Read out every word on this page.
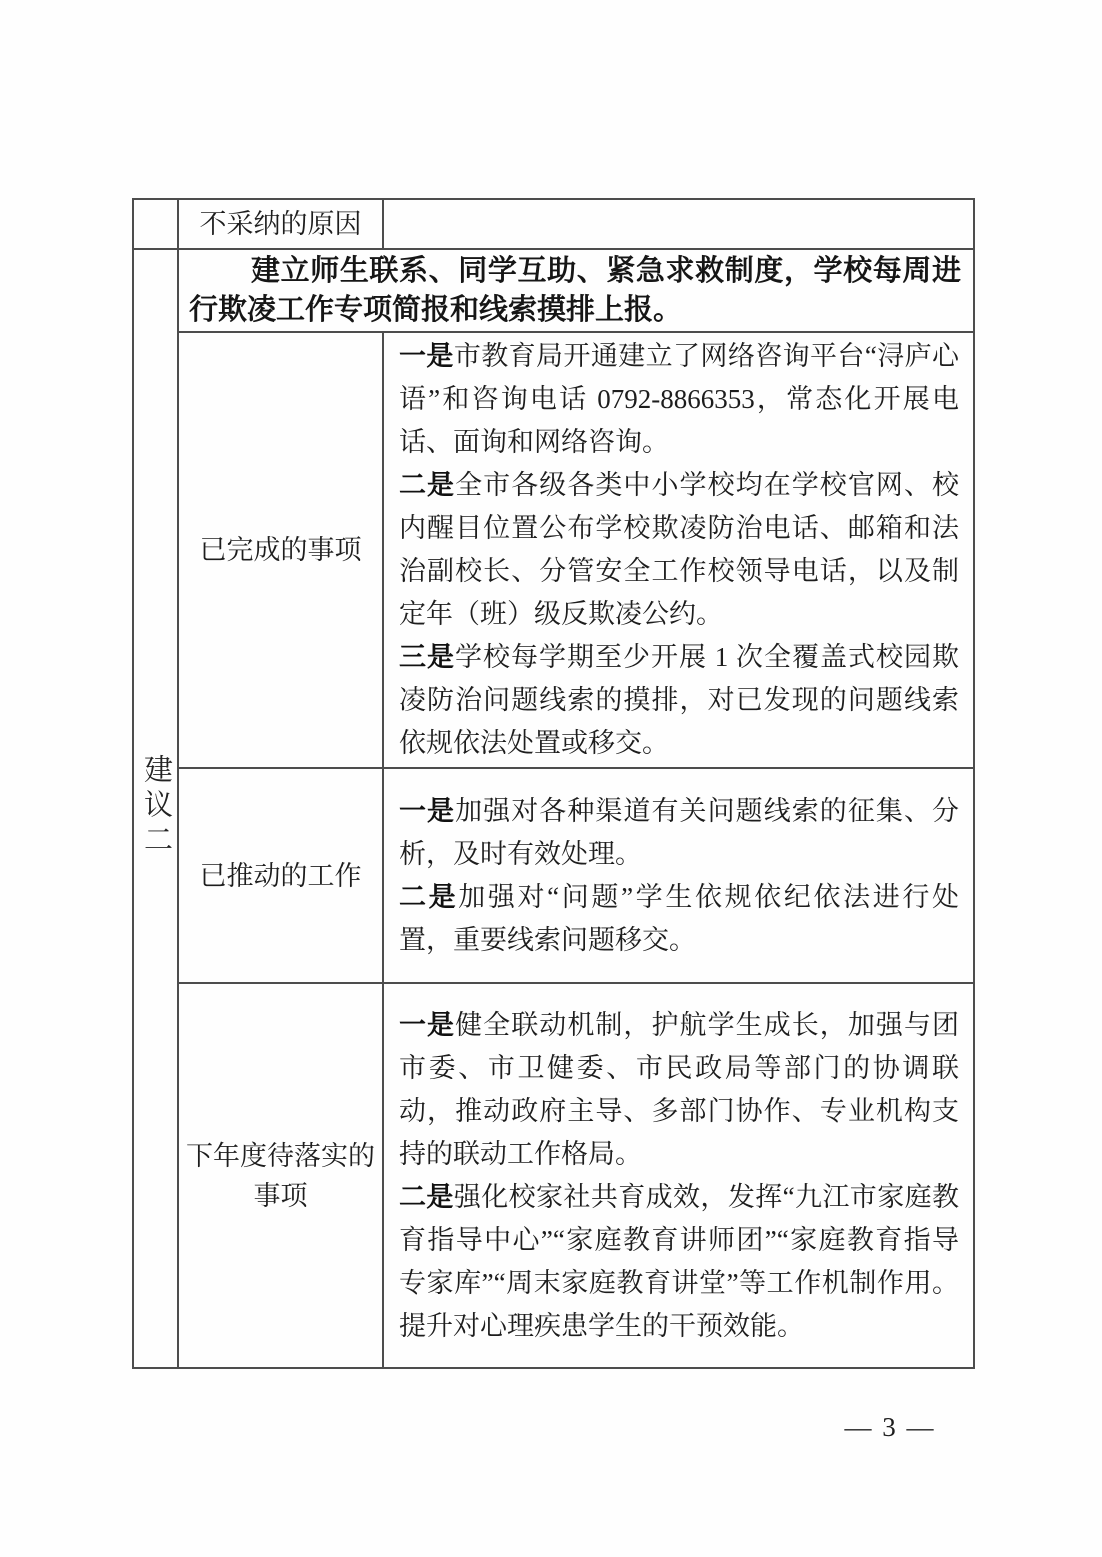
	不采纳的原因	
建议二	建立师生联系、同学互助、紧急求救制度，学校每周进行欺凌工作专项简报和线索摸排上报。	

	已完成的事项	一是市教育局开通建立了网络咨询平台“浔庐心语”和咨询电话 0792-8866353，常态化开展电话、面询和网络咨询。

二是全市各级各类中小学校均在学校官网、校内醒目位置公布学校欺凌防治电话、邮箱和法治副校长、分管安全工作校领导电话，以及制定年（班）级反欺凌公约。

三是学校每学期至少开展 1 次全覆盖式校园欺凌防治问题线索的摸排，对已发现的问题线索依规依法处置或移交。

	已推动的工作	一是加强对各种渠道有关问题线索的征集、分析，及时有效处理。

二是加强对“问题”学生依规依纪依法进行处置，重要线索问题移交。

	下年度待落实的事项	一是健全联动机制，护航学生成长，加强与团市委、市卫健委、市民政局等部门的协调联动，推动政府主导、多部门协作、专业机构支持的联动工作格局。

二是强化校家社共育成效，发挥“九江市家庭教育指导中心”“家庭教育讲师团”“家庭教育指导专家库”“周末家庭教育讲堂”等工作机制作用。提升对心理疾患学生的干预效能。

— 3 —
